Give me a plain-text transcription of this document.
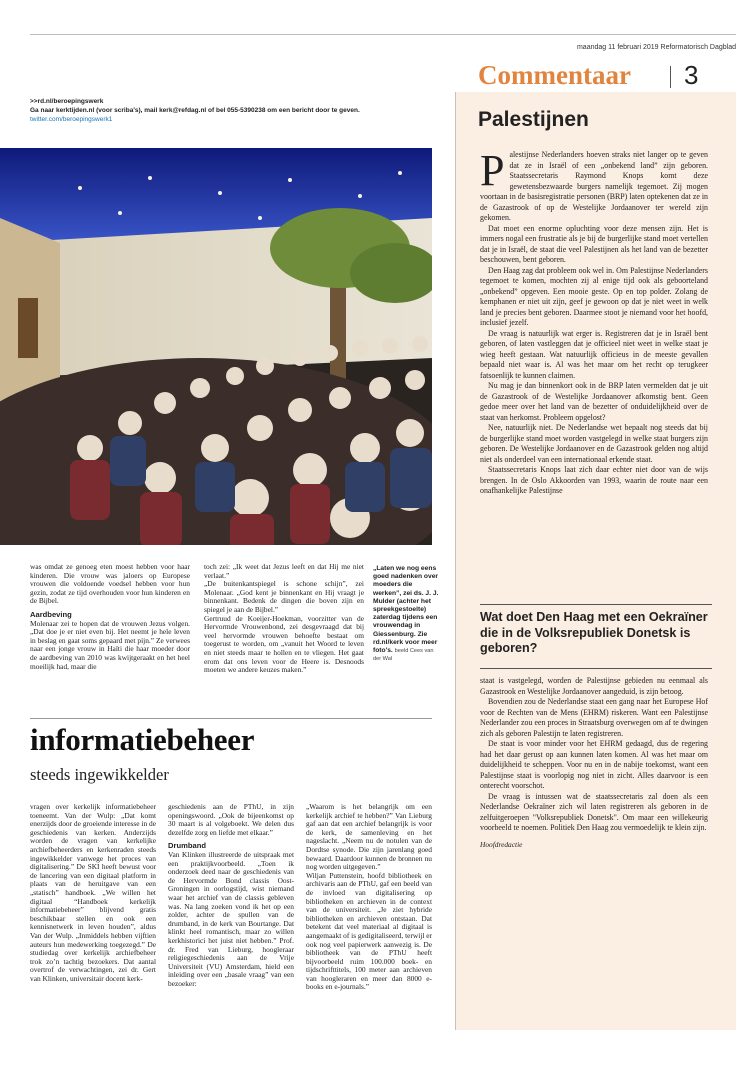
maandag 11 februari 2019 Reformatorisch Dagblad
Commentaar 3
>>rd.nl/beroepingswerk
Ga naar kerktijden.nl (voor scriba's), mail kerk@refdag.nl of bel 055-5390238 om een bericht door te geven.
twitter.com/beroepingswerk1

was omdat ze genoeg eten moest hebben voor haar kinderen. Die vrouw was jaloers op Europese vrouwen die voldoende voedsel hebben voor hun gezin, zodat ze tijd overhouden voor hun kinderen en de Bijbel.

Aardbeving

Molenaar zei te hopen dat de vrouwen Jezus volgen. „Dat doe je er niet even bij. Het neemt je hele leven in beslag en gaat soms gepaard met pijn.” Ze verwees naar een jonge vrouw in Haïti die haar moeder door de aardbeving van 2010 was kwijtgeraakt en het heel moeilijk had, maar die

toch zei: „Ik weet dat Jezus leeft en dat Hij me niet verlaat.”

„De buitenkantspiegel is schone schijn”, zei Molenaar. „God kent je binnenkant en Hij vraagt je binnenkant. Bedenk de dingen die boven zijn en spiegel je aan de Bijbel.”

Gertruud de Koeijer-Hoekman, voorzitter van de Hervormde Vrouwenbond, zei desgevraagd dat bij veel hervormde vrouwen behoefte bestaat om toegerust te worden, om „vanuit het Woord te leven en niet steeds maar te hollen en te vliegen. Het gaat erom dat ons leven voor de Heere is. Desnoods moeten we andere keuzes maken.”

„Laten we nog eens goed nadenken over moeders die werken”, zei ds. J. J. Mulder (achter het spreekgestoelte) zaterdag tijdens een vrouwendag in Giessenburg. Zie rd.nl/kerk voor meer foto's. beeld Cees van der Wal
informatiebeheer
steeds ingewikkelder

vragen over kerkelijk informatiebeheer toeneemt. Van der Wulp: „Dat komt enerzijds door de groeiende interesse in de geschiedenis van kerken. Anderzijds worden de vragen van kerkelijke archiefbeheerders en kerkenraden steeds ingewikkelder vanwege het proces van digitalisering.” De SKI heeft bewust voor de lancering van een digitaal platform in plaats van de heruitgave van een „statisch” handboek. „We willen het digitaal “Handboek kerkelijk informatiebeheer” blijvend gratis beschikbaar stellen en ook een kennisnetwerk in leven houden”, aldus Van der Wulp. „Inmiddels hebben vijftien auteurs hun medewerking toegezegd.” De studiedag over kerkelijk archiefbeheer trok zo’n tachtig bezoekers. Dat aantal overtrof de verwachtingen, zei dr. Gert van Klinken, universitair docent kerk-

geschiedenis aan de PThU, in zijn openingswoord. „Ook de bijeenkomst op 30 maart is al volgeboekt. We delen dus dezelfde zorg en liefde met elkaar.”

Drumband

Van Klinken illustreerde de uitspraak met een praktijkvoorbeeld. „Toen ik onderzoek deed naar de geschiedenis van de Hervormde Bond classis Oost-Groningen in oorlogstijd, wist niemand waar het archief van de classis gebleven was. Na lang zoeken vond ik het op een zolder, achter de spullen van de drumband, in de kerk van Bourtange. Dat klinkt heel romantisch, maar zo willen kerkhistorici het juist niet hebben.” Prof. dr. Fred van Lieburg, hoogleraar religiegeschiedenis aan de Vrije Universiteit (VU) Amsterdam, hield een inleiding over een „basale vraag” van een bezoeker:

„Waarom is het belangrijk om een kerkelijk archief te hebben?” Van Lieburg gaf aan dat een archief belangrijk is voor de kerk, de samenleving en het nageslacht. „Neem nu de notulen van de Dordtse synode. Die zijn jarenlang goed bewaard. Daardoor kunnen de bronnen nu nog worden uitgegeven.”

Wiljan Puttenstein, hoofd bibliotheek en archivaris aan de PThU, gaf een beeld van de invloed van digitalisering op bibliotheken en archieven in de context van de universiteit. „Je ziet hybride bibliotheken en archieven ontstaan. Dat betekent dat veel materiaal al digitaal is aangemaakt of is gedigitaliseerd, terwijl er ook nog veel papierwerk aanwezig is. De bibliotheek van de PThU heeft bijvoorbeeld ruim 100.000 boek- en tijdschrifttitels, 100 meter aan archieven van hoogleraren en meer dan 8000 e-books en e-journals.”

Palestijnen

Palestijnse Nederlanders hoeven straks niet langer op te geven dat ze in Israël of een „onbekend land” zijn geboren. Staatssecretaris Raymond Knops komt deze gewetensbezwaarde burgers namelijk tegemoet. Zij mogen voortaan in de basisregistratie personen (BRP) laten optekenen dat ze in de Gazastrook of op de Westelijke Jordaanover ter wereld zijn gekomen.

Dat moet een enorme opluchting voor deze mensen zijn. Het is immers nogal een frustratie als je bij de burgerlijke stand moet vertellen dat je in Israël, de staat die veel Palestijnen als het land van de bezetter beschouwen, bent geboren.

Den Haag zag dat probleem ook wel in. Om Palestijnse Nederlanders tegemoet te komen, mochten zij al enige tijd ook als geboorteland „onbekend” opgeven. Een mooie geste. Op en top polder. Zolang de kemphanen er niet uit zijn, geef je gewoon op dat je niet weet in welk land je precies bent geboren. Daarmee stoot je niemand voor het hoofd, inclusief jezelf.

De vraag is natuurlijk wat erger is. Registreren dat je in Israël bent geboren, of laten vastleggen dat je officieel niet weet in welke staat je wieg heeft gestaan. Wat natuurlijk officieus in de meeste gevallen bepaald niet waar is. Al was het maar om het recht op terugkeer fatsoenlijk te kunnen claimen.

Nu mag je dan binnenkort ook in de BRP laten vermelden dat je uit de Gazastrook of de Westelijke Jordaanover afkomstig bent. Geen gedoe meer over het land van de bezetter of onduidelijkheid over de staat van herkomst. Probleem opgelost?

Nee, natuurlijk niet. De Nederlandse wet bepaalt nog steeds dat bij de burgerlijke stand moet worden vastgelegd in welke staat burgers zijn geboren. De Westelijke Jordaanover en de Gazastrook gelden nog altijd niet als onderdeel van een internationaal erkende staat.

Staatssecretaris Knops laat zich daar echter niet door van de wijs brengen. In de Oslo Akkoorden van 1993, waarin de route naar een onafhankelijke Palestijnse

Wat doet Den Haag met een Oekraïner die in de Volksrepubliek Donetsk is geboren?

staat is vastgelegd, worden de Palestijnse gebieden nu eenmaal als Gazastrook en Westelijke Jordaanover aangeduid, is zijn betoog.

Bovendien zou de Nederlandse staat een gang naar het Europese Hof voor de Rechten van de Mens (EHRM) riskeren. Want een Palestijnse Nederlander zou een proces in Straatsburg overwegen om af te dwingen zich als geboren Palestijn te laten registreren.

De staat is voor minder voor het EHRM gedaagd, dus de regering had het daar gerust op aan kunnen laten komen. Al was het maar om duidelijkheid te scheppen. Voor nu en in de nabije toekomst, want een Palestijnse staat is voorlopig nog niet in zicht. Alles daarvoor is een onterecht voorschot.

De vraag is intussen wat de staatssecretaris zal doen als een Nederlandse Oekraïner zich wil laten registreren als geboren in de zelfuitgeroepen "Volksrepubliek Donetsk". Om maar een willekeurig voorbeeld te noemen. Politiek Den Haag zou vermoedelijk te klein zijn.

Hoofdredactie
